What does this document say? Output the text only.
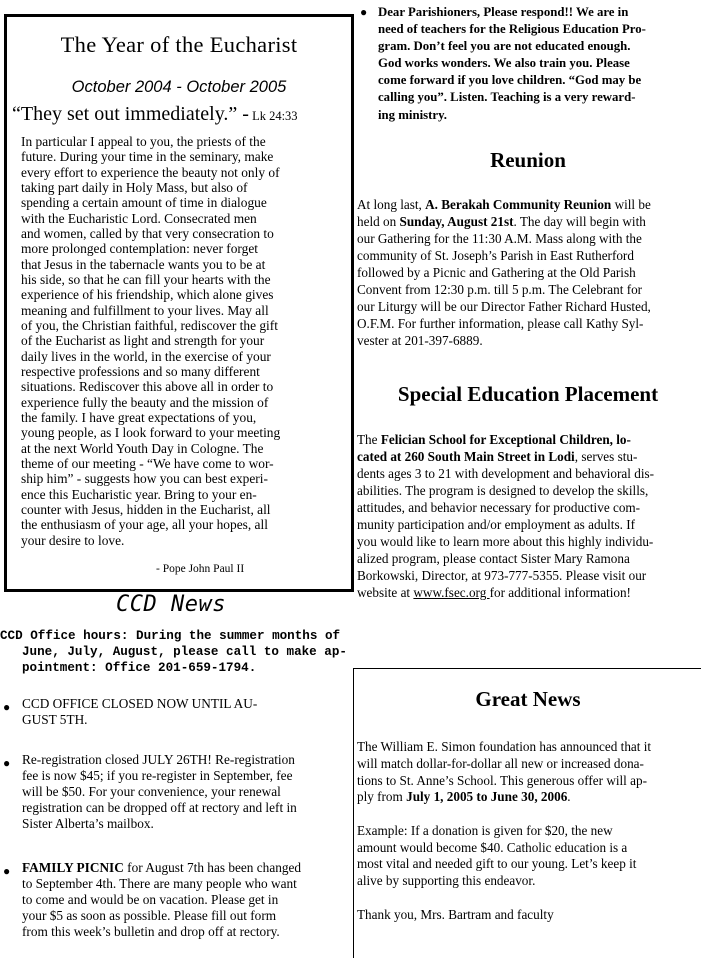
The Year of the Eucharist
October 2004 - October 2005
“They set out immediately.” - Lk 24:33
In particular I appeal to you, the priests of the
future. During your time in the seminary, make
every effort to experience the beauty not only of
taking part daily in Holy Mass, but also of
spending a certain amount of time in dialogue
with the Eucharistic Lord. Consecrated men
and women, called by that very consecration to
more prolonged contemplation: never forget
that Jesus in the tabernacle wants you to be at
his side, so that he can fill your hearts with the
experience of his friendship, which alone gives
meaning and fulfillment to your lives. May all
of you, the Christian faithful, rediscover the gift
of the Eucharist as light and strength for your
daily lives in the world, in the exercise of your
respective professions and so many different
situations. Rediscover this above all in order to
experience fully the beauty and the mission of
the family. I have great expectations of you,
young people, as I look forward to your meeting
at the next World Youth Day in Cologne. The
theme of our meeting - “We have come to wor-
ship him” - suggests how you can best experi-
ence this Eucharistic year. Bring to your en-
counter with Jesus, hidden in the Eucharist, all
the enthusiasm of your age, all your hopes, all
your desire to love.
- Pope John Paul II
CCD News
CCD Office hours: During the summer months of
June, July, August, please call to make ap-
pointment: Office 201-659-1794.
● CCD OFFICE CLOSED NOW UNTIL AU-
GUST 5TH.
● Re-registration closed JULY 26TH! Re-registration
fee is now $45; if you re-register in September, fee
will be $50. For your convenience, your renewal
registration can be dropped off at rectory and left in
Sister Alberta’s mailbox.
● FAMILY PICNIC for August 7th has been changed
to September 4th. There are many people who want
to come and would be on vacation. Please get in
your $5 as soon as possible. Please fill out form
from this week’s bulletin and drop off at rectory.
● Dear Parishioners, Please respond!! We are in
need of teachers for the Religious Education Pro-
gram. Don’t feel you are not educated enough.
God works wonders. We also train you. Please
come forward if you love children. “God may be
calling you”. Listen. Teaching is a very reward-
ing ministry.
Reunion
At long last, A. Berakah Community Reunion will be
held on Sunday, August 21st. The day will begin with
our Gathering for the 11:30 A.M. Mass along with the
community of St. Joseph’s Parish in East Rutherford
followed by a Picnic and Gathering at the Old Parish
Convent from 12:30 p.m. till 5 p.m. The Celebrant for
our Liturgy will be our Director Father Richard Husted,
O.F.M. For further information, please call Kathy Syl-
vester at 201-397-6889.
Special Education Placement
The Felician School for Exceptional Children, lo-
cated at 260 South Main Street in Lodi, serves stu-
dents ages 3 to 21 with development and behavioral dis-
abilities. The program is designed to develop the skills,
attitudes, and behavior necessary for productive com-
munity participation and/or employment as adults. If
you would like to learn more about this highly individu-
alized program, please contact Sister Mary Ramona
Borkowski, Director, at 973-777-5355. Please visit our
website at www.fsec.org for additional information!
Great News
The William E. Simon foundation has announced that it
will match dollar-for-dollar all new or increased dona-
tions to St. Anne’s School. This generous offer will ap-
ply from July 1, 2005 to June 30, 2006.

Example: If a donation is given for $20, the new
amount would become $40. Catholic education is a
most vital and needed gift to our young. Let’s keep it
alive by supporting this endeavor.

Thank you, Mrs. Bartram and faculty
